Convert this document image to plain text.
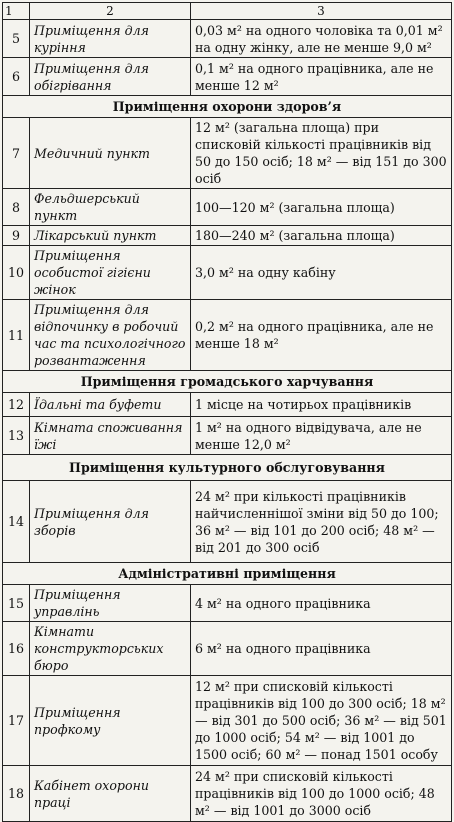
1	2	3
5	Приміщення для куріння	0,03 м² на одного чоловіка та 0,01 м² на одну жінку, але не менше 9,0 м²
6	Приміщення для обігрівання	0,1 м² на одного працівника, але не менше 12 м²
Приміщення охорони здоров’я		
7	Медичний пункт	12 м² (загальна площа) при списковій кількості працівників від 50 до 150 осіб; 18 м² — від 151 до 300 осіб
8	Фельдшерський пункт	100—120 м² (загальна площа)
9	Лікарський пункт	180—240 м² (загальна площа)
10	Приміщення особистої гігієни жінок	3,0 м² на одну кабіну
11	Приміщення для відпочинку в робочий час та психологічного розвантаження	0,2 м² на одного працівника, але не менше 18 м²
Приміщення громадського харчування		
12	Їдальні та буфети	1 місце на чотирьох працівників
13	Кімната споживання їжі	1 м² на одного відвідувача, але не менше 12,0 м²
Приміщення культурного обслуговування		
14	Приміщення для зборів	24 м² при кількості працівників найчисленнішої зміни від 50 до 100; 36 м² — від 101 до 200 осіб; 48 м² — від 201 до 300 осіб
Адміністративні приміщення		
15	Приміщення управлінь	4 м² на одного працівника
16	Кімнати конструкторських бюро	6 м² на одного працівника
17	Приміщення профкому	12 м² при списковій кількості працівників від 100 до 300 осіб; 18 м² — від 301 до 500 осіб; 36 м² — від 501 до 1000 осіб; 54 м² — від 1001 до 1500 осіб; 60 м² — понад 1501 особу
18	Кабінет охорони праці	24 м² при списковій кількості працівників від 100 до 1000 осіб; 48 м² — від 1001 до 3000 осіб
